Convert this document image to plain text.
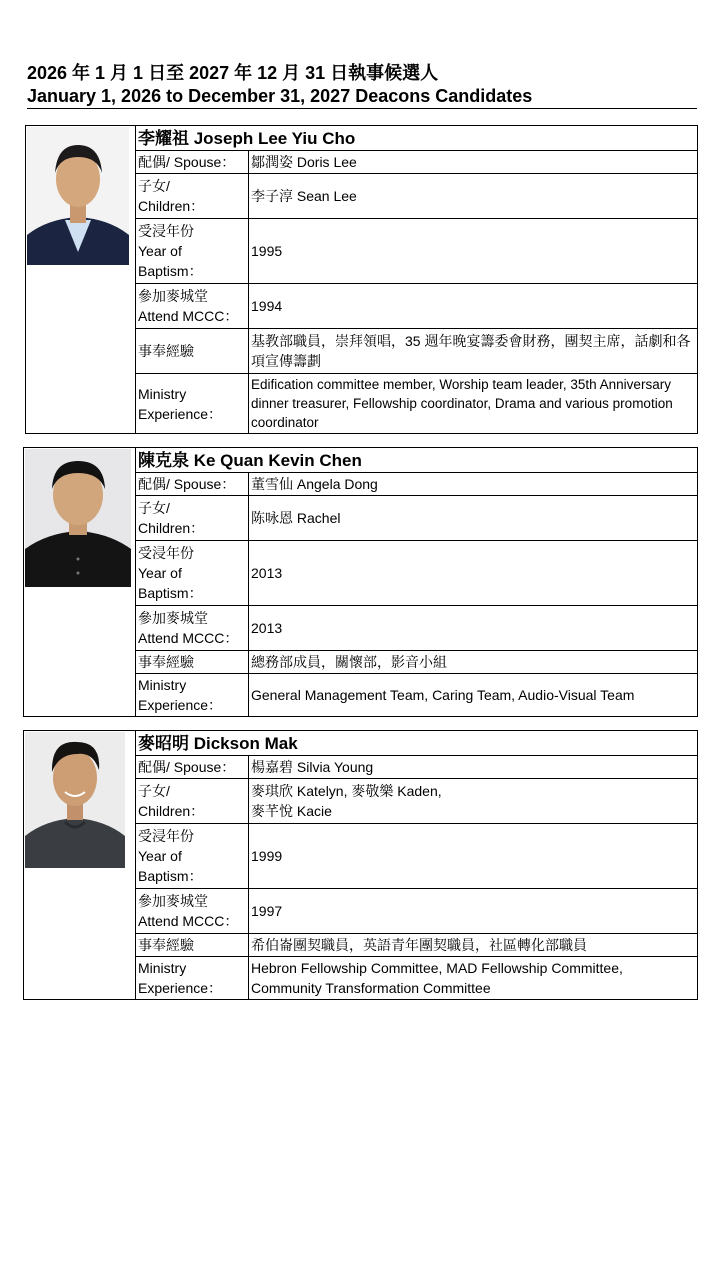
2026 年 1 月 1 日至 2027 年 12 月 31 日執事候選人
January 1, 2026 to December 31, 2027 Deacons Candidates
	李耀祖 Joseph Lee Yiu Cho	
	配偶/ Spouse：	鄒潤姿 Doris Lee
	子女/
Children：	李子淳 Sean Lee
	受浸年份
Year of
Baptism：	1995
	參加麥城堂
Attend MCCC：	1994
	事奉經驗	基教部職員，崇拜領唱，35 週年晚宴籌委會財務，團契主席，話劇和各項宣傳籌劃
	Ministry
Experience：	Edification committee member, Worship team leader, 35th Anniversary dinner treasurer, Fellowship coordinator, Drama and various promotion coordinator
	陳克泉 Ke Quan Kevin Chen	
	配偶/ Spouse：	董雪仙 Angela Dong
	子女/
Children：	陈咏恩 Rachel
	受浸年份
Year of
Baptism：	2013
	參加麥城堂
Attend MCCC：	2013
	事奉經驗	總務部成員，關懷部，影音小組
	Ministry
Experience：	General Management Team, Caring Team, Audio-Visual Team
	麥昭明 Dickson Mak	
	配偶/ Spouse：	楊嘉碧 Silvia Young
	子女/
Children：	麥琪欣 Katelyn, 麥敬樂 Kaden,
麥芊悅 Kacie
	受浸年份
Year of
Baptism：	1999
	參加麥城堂
Attend MCCC：	1997
	事奉經驗	希伯崙團契職員，英語青年團契職員，社區轉化部職員
	Ministry
Experience：	Hebron Fellowship Committee, MAD Fellowship Committee, Community Transformation Committee
